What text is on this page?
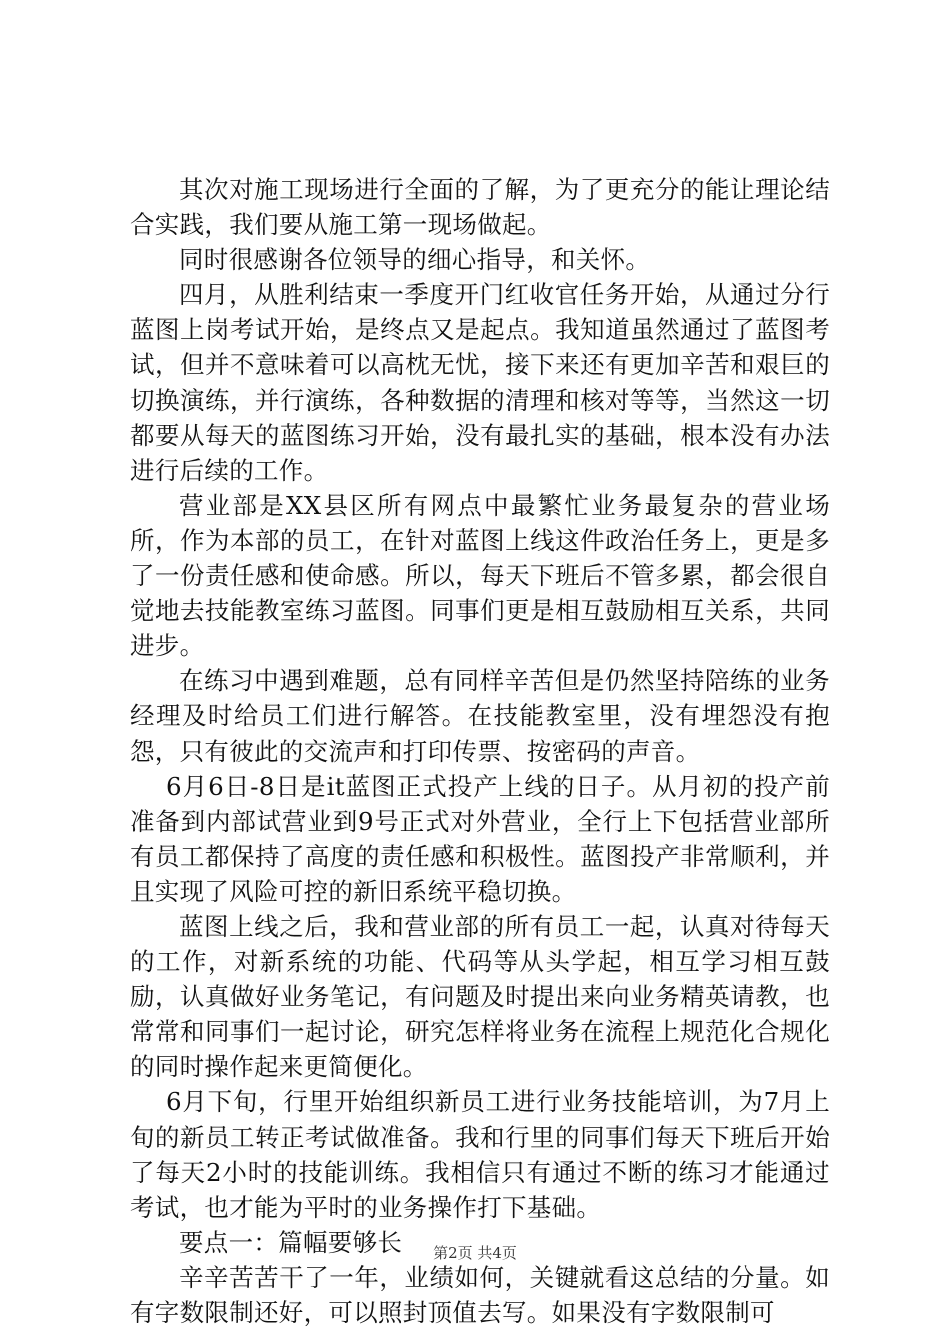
其次对施工现场进行全面的了解，为了更充分的能让理论结合实践，我们要从施工第一现场做起。

同时很感谢各位领导的细心指导，和关怀。

四月，从胜利结束一季度开门红收官任务开始，从通过分行蓝图上岗考试开始，是终点又是起点。我知道虽然通过了蓝图考试，但并不意味着可以高枕无忧，接下来还有更加辛苦和艰巨的切换演练，并行演练，各种数据的清理和核对等等，当然这一切都要从每天的蓝图练习开始，没有最扎实的基础，根本没有办法进行后续的工作。

营业部是XX县区所有网点中最繁忙业务最复杂的营业场所，作为本部的员工，在针对蓝图上线这件政治任务上，更是多了一份责任感和使命感。所以，每天下班后不管多累，都会很自觉地去技能教室练习蓝图。同事们更是相互鼓励相互关系，共同进步。

在练习中遇到难题，总有同样辛苦但是仍然坚持陪练的业务经理及时给员工们进行解答。在技能教室里，没有埋怨没有抱怨，只有彼此的交流声和打印传票、按密码的声音。

6月6日-8日是it蓝图正式投产上线的日子。从月初的投产前准备到内部试营业到9号正式对外营业，全行上下包括营业部所有员工都保持了高度的责任感和积极性。蓝图投产非常顺利，并且实现了风险可控的新旧系统平稳切换。

蓝图上线之后，我和营业部的所有员工一起，认真对待每天的工作，对新系统的功能、代码等从头学起，相互学习相互鼓励，认真做好业务笔记，有问题及时提出来向业务精英请教，也常常和同事们一起讨论，研究怎样将业务在流程上规范化合规化的同时操作起来更简便化。

6月下旬，行里开始组织新员工进行业务技能培训，为7月上旬的新员工转正考试做准备。我和行里的同事们每天下班后开始了每天2小时的技能训练。我相信只有通过不断的练习才能通过考试，也才能为平时的业务操作打下基础。

要点一：篇幅要够长

辛辛苦苦干了一年，业绩如何，关键就看这总结的分量。如有字数限制还好，可以照封顶值去写。如果没有字数限制可

第2页 共4页
